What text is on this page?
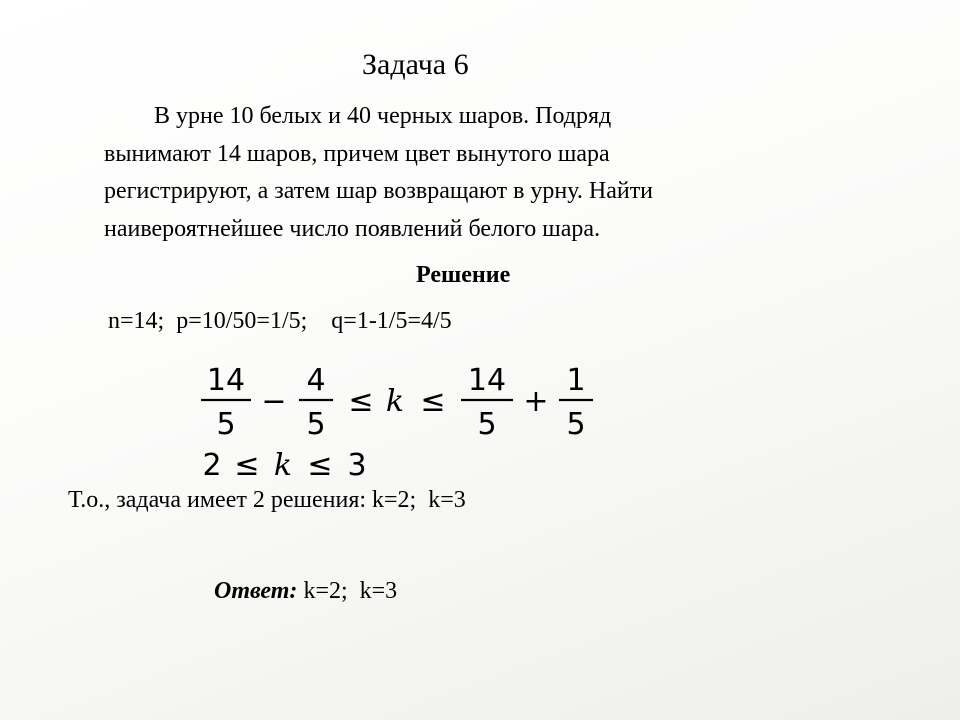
Задача 6
В урне 10 белых и 40 черных шаров. Подряд
вынимают 14 шаров, причем цвет вынутого шара
регистрируют, а затем шар возвращают в урну. Найти
наивероятнейшее число появлений белого шара.
Решение
n=14;  p=10/50=1/5;    q=1-1/5=4/5
14
5
−
4
5
≤ k ≤
14
5
+
1
5
2 ≤ k ≤ 3
Т.о., задача имеет 2 решения: k=2;  k=3
Ответ: k=2;  k=3
